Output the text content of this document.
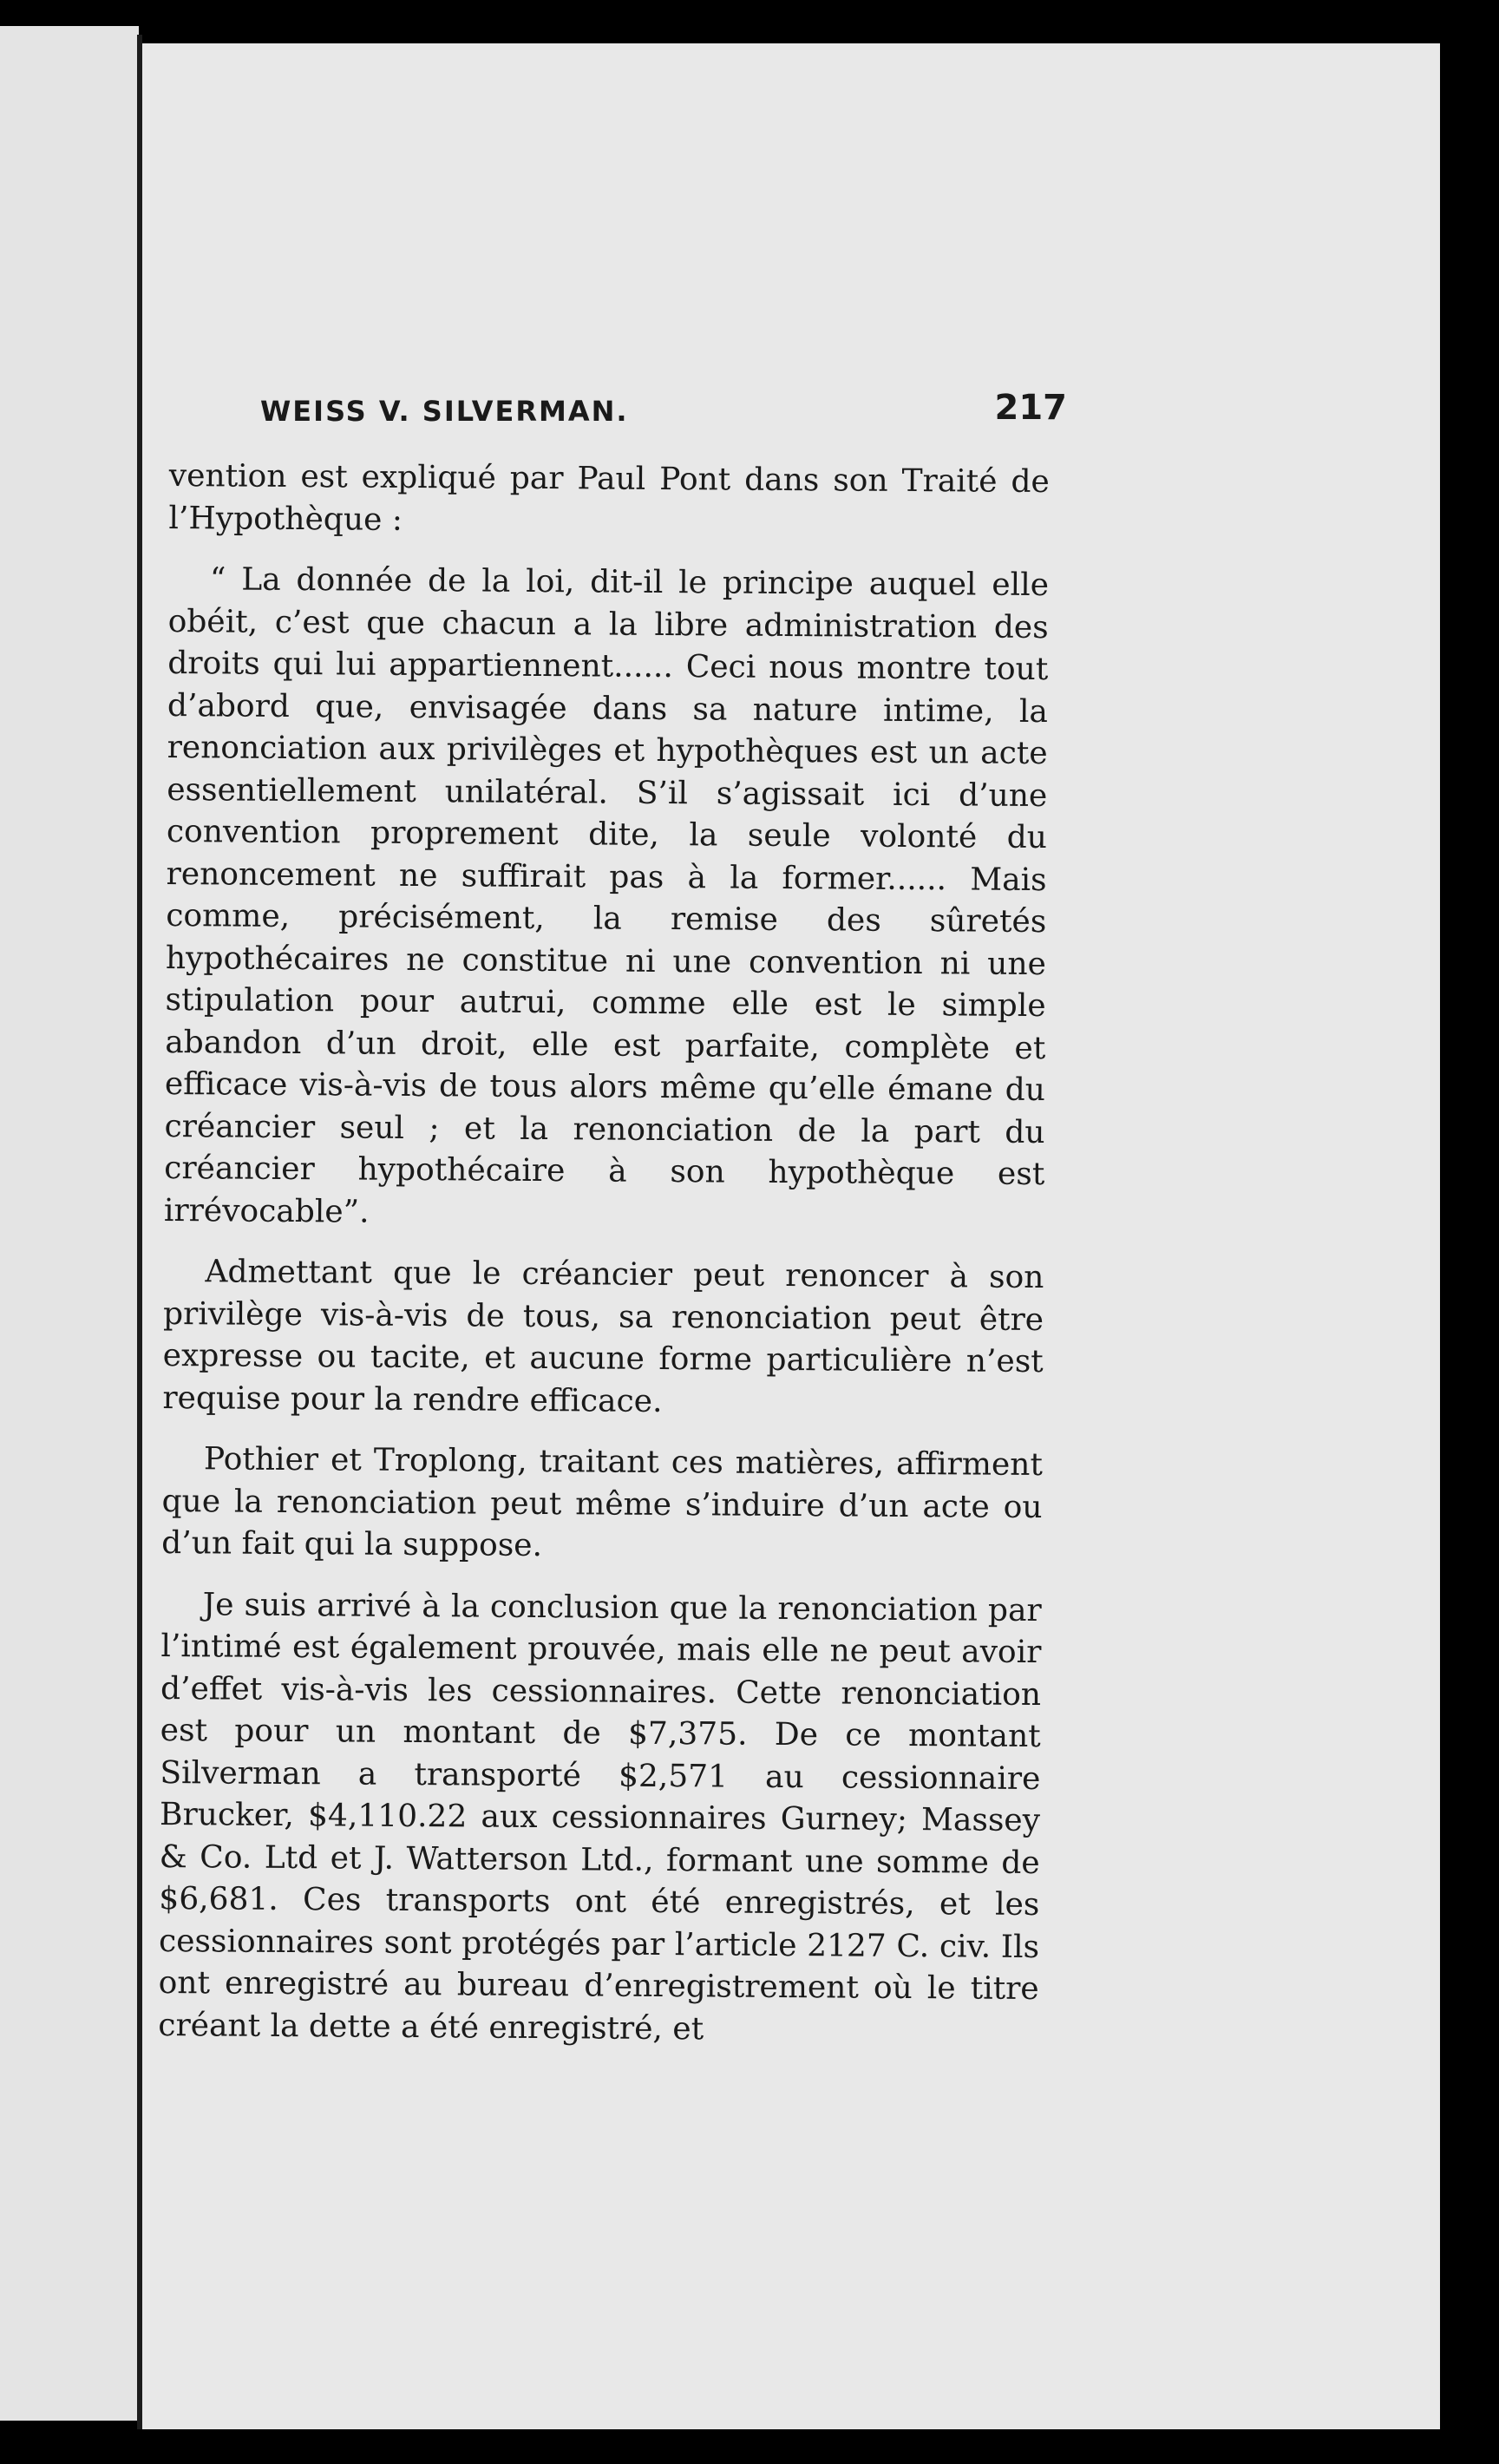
WEISS V. SILVERMAN.	217

vention est expliqué par Paul Pont dans son Traité de l’Hypothèque :

“ La donnée de la loi, dit-il le principe auquel elle obéit, c’est que chacun a la libre administration des droits qui lui appartiennent...... Ceci nous montre tout d’abord que, envisagée dans sa nature intime, la renonciation aux privilèges et hypothèques est un acte essentiellement unilatéral. S’il s’agissait ici d’une convention proprement dite, la seule volonté du renoncement ne suffirait pas à la former...... Mais comme, précisément, la remise des sûretés hypothécaires ne constitue ni une convention ni une stipulation pour autrui, comme elle est le simple abandon d’un droit, elle est parfaite, complète et efficace vis-à-vis de tous alors même qu’elle émane du créancier seul ; et la renonciation de la part du créancier hypothécaire à son hypothèque est irrévocable”.

Admettant que le créancier peut renoncer à son privilège vis-à-vis de tous, sa renonciation peut être expresse ou tacite, et aucune forme particulière n’est requise pour la rendre efficace.

Pothier et Troplong, traitant ces matières, affirment que la renonciation peut même s’induire d’un acte ou d’un fait qui la suppose.

Je suis arrivé à la conclusion que la renonciation par l’intimé est également prouvée, mais elle ne peut avoir d’effet vis-à-vis les cessionnaires. Cette renonciation est pour un montant de $7,375. De ce montant Silverman a transporté $2,571 au cessionnaire Brucker, $4,110.22 aux cessionnaires Gurney; Massey & Co. Ltd et J. Watterson Ltd., formant une somme de $6,681. Ces transports ont été enregistrés, et les cessionnaires sont protégés par l’article 2127 C. civ. Ils ont enregistré au bureau d’enregistrement où le titre créant la dette a été enregistré, et
